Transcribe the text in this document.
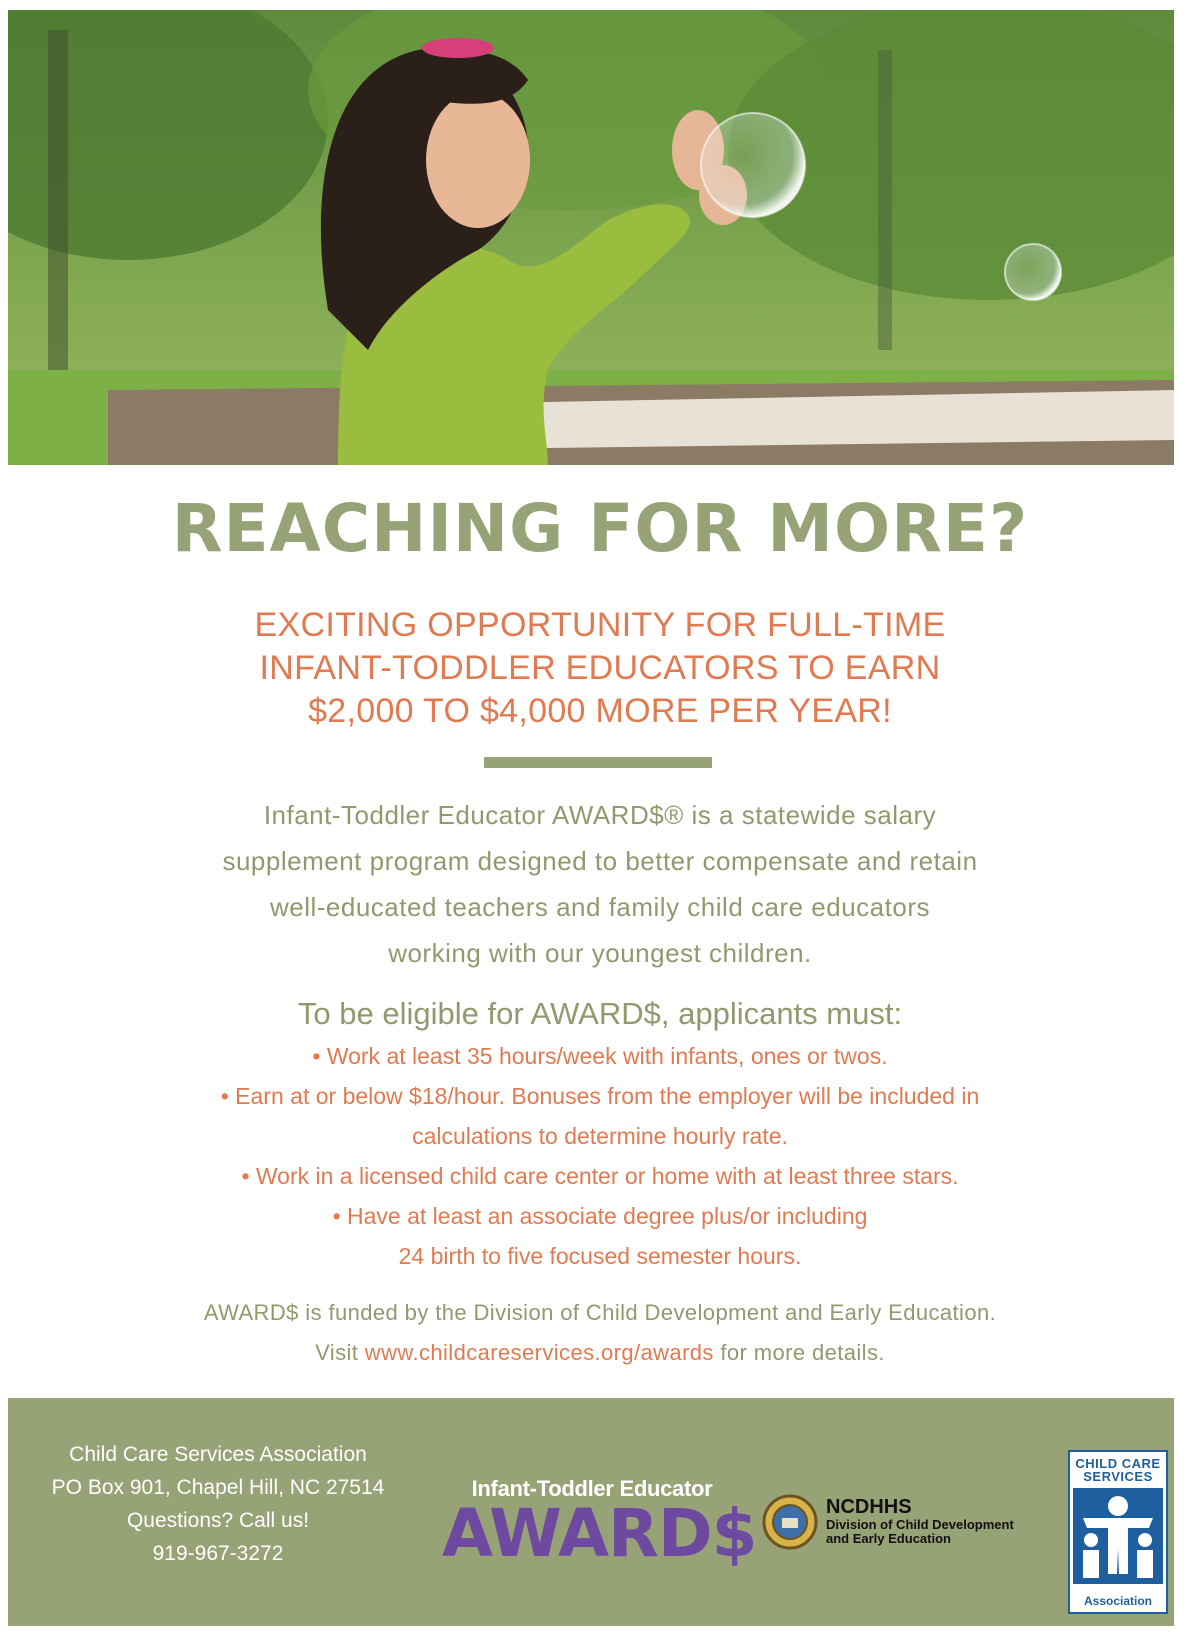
REACHING FOR MORE?
EXCITING OPPORTUNITY FOR FULL-TIME
INFANT-TODDLER EDUCATORS TO EARN
$2,000 TO $4,000 MORE PER YEAR!
Infant-Toddler Educator AWARD$® is a statewide salary
supplement program designed to better compensate and retain
well-educated teachers and family child care educators
working with our youngest children.
To be eligible for AWARD$, applicants must:
• Work at least 35 hours/week with infants, ones or twos.
• Earn at or below $18/hour. Bonuses from the employer will be included in
calculations to determine hourly rate.
• Work in a licensed child care center or home with at least three stars.
• Have at least an associate degree plus/or including
24 birth to five focused semester hours.
AWARD$ is funded by the Division of Child Development and Early Education.
Visit www.childcareservices.org/awards for more details.
Child Care Services Association
PO Box 901, Chapel Hill, NC 27514
Questions? Call us!
919-967-3272
Infant-Toddler Educator
AWARD$	NCDHHS
Division of Child Development
and Early Education
CHILD CARE
SERVICES
Association
